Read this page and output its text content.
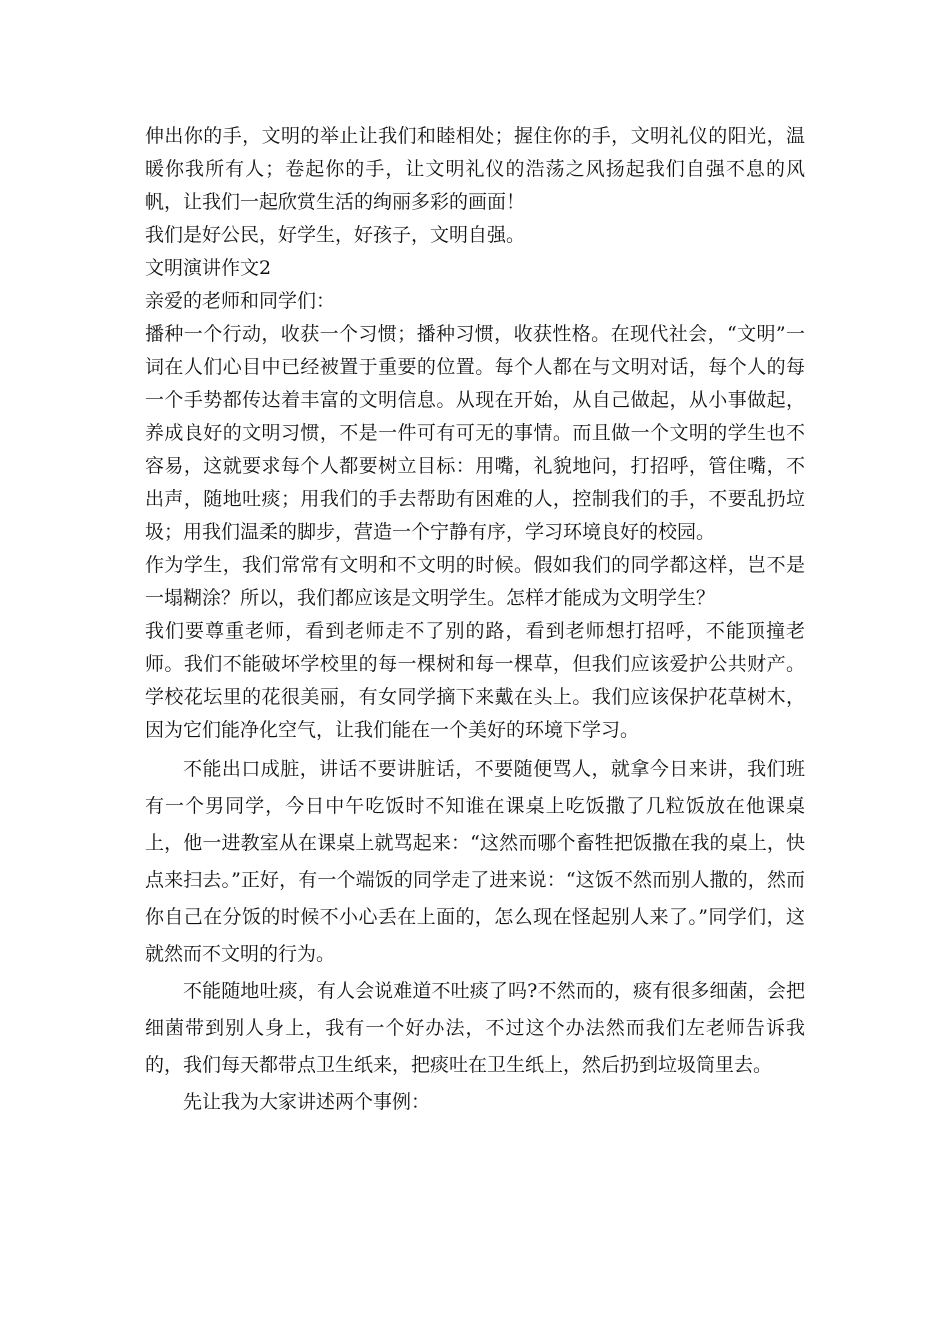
伸出你的手，文明的举止让我们和睦相处；握住你的手，文明礼仪的阳光，温暖你我所有人；卷起你的手，让文明礼仪的浩荡之风扬起我们自强不息的风帆，让我们一起欣赏生活的绚丽多彩的画面！

我们是好公民，好学生，好孩子，文明自强。

文明演讲作文2

亲爱的老师和同学们：

播种一个行动，收获一个习惯；播种习惯，收获性格。在现代社会，“文明”一词在人们心目中已经被置于重要的位置。每个人都在与文明对话，每个人的每一个手势都传达着丰富的文明信息。从现在开始，从自己做起，从小事做起，养成良好的文明习惯，不是一件可有可无的事情。而且做一个文明的学生也不容易，这就要求每个人都要树立目标：用嘴，礼貌地问，打招呼，管住嘴，不出声，随地吐痰；用我们的手去帮助有困难的人，控制我们的手，不要乱扔垃圾；用我们温柔的脚步，营造一个宁静有序，学习环境良好的校园。

作为学生，我们常常有文明和不文明的时候。假如我们的同学都这样，岂不是一塌糊涂？所以，我们都应该是文明学生。怎样才能成为文明学生？

我们要尊重老师，看到老师走不了别的路，看到老师想打招呼，不能顶撞老师。我们不能破坏学校里的每一棵树和每一棵草，但我们应该爱护公共财产。学校花坛里的花很美丽，有女同学摘下来戴在头上。我们应该保护花草树木，因为它们能净化空气，让我们能在一个美好的环境下学习。

不能出口成脏，讲话不要讲脏话，不要随便骂人，就拿今日来讲，我们班有一个男同学，今日中午吃饭时不知谁在课桌上吃饭撒了几粒饭放在他课桌上，他一进教室从在课桌上就骂起来：“这然而哪个畜牲把饭撒在我的桌上，快点来扫去。”正好，有一个端饭的同学走了进来说：“这饭不然而别人撒的，然而你自己在分饭的时候不小心丢在上面的，怎么现在怪起别人来了。”同学们，这就然而不文明的行为。

不能随地吐痰，有人会说难道不吐痰了吗?不然而的，痰有很多细菌，会把细菌带到别人身上，我有一个好办法，不过这个办法然而我们左老师告诉我的，我们每天都带点卫生纸来，把痰吐在卫生纸上，然后扔到垃圾筒里去。

先让我为大家讲述两个事例：
